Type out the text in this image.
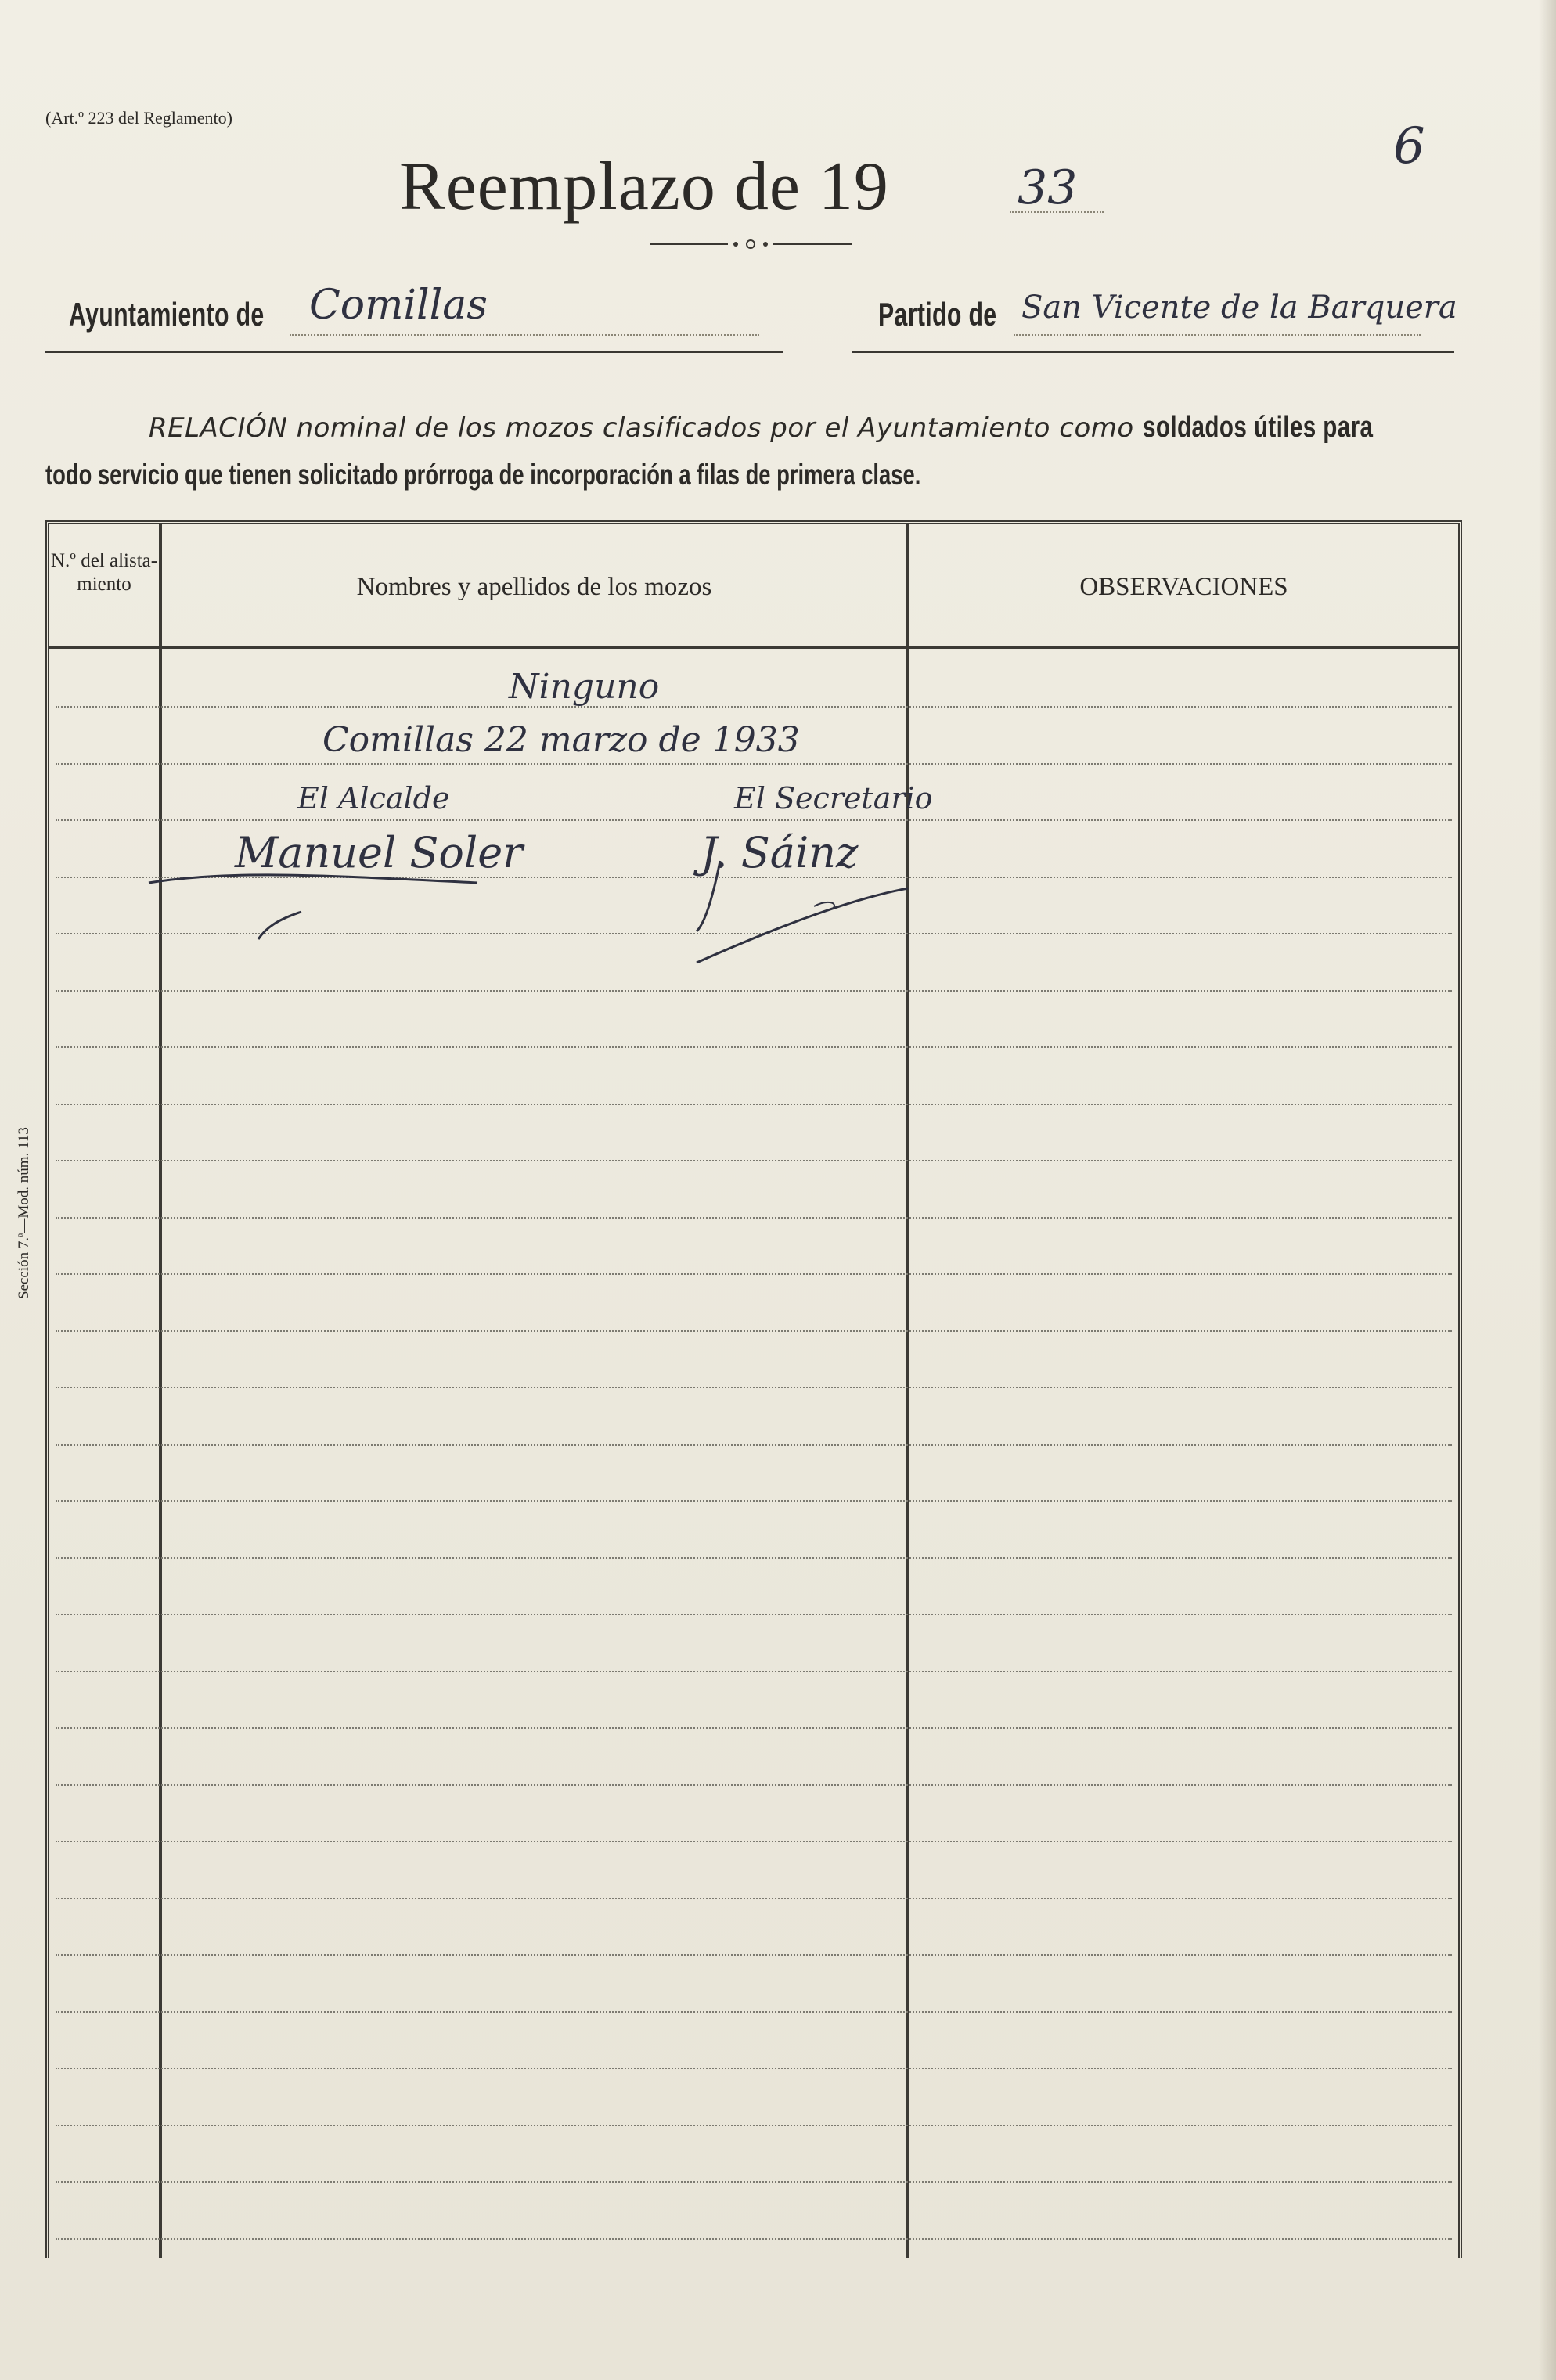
(Art.º 223 del Reglamento)	6
Reemplazo de 19	33
Ayuntamiento de Comillas	Partido de San Vicente de la Barquera
RELACIÓN nominal de los mozos clasificados por el Ayuntamiento como soldados útiles para
todo servicio que tienen solicitado prórroga de incorporación a filas de primera clase.
Sección 7.ª—Mod. núm. 113
N.º del alista-miento	Nombres y apellidos de los mozos	OBSERVACIONES
Ninguno
Comillas 22 marzo de 1933
El Alcalde	El Secretario
Manuel Soler	J. Sáinz
